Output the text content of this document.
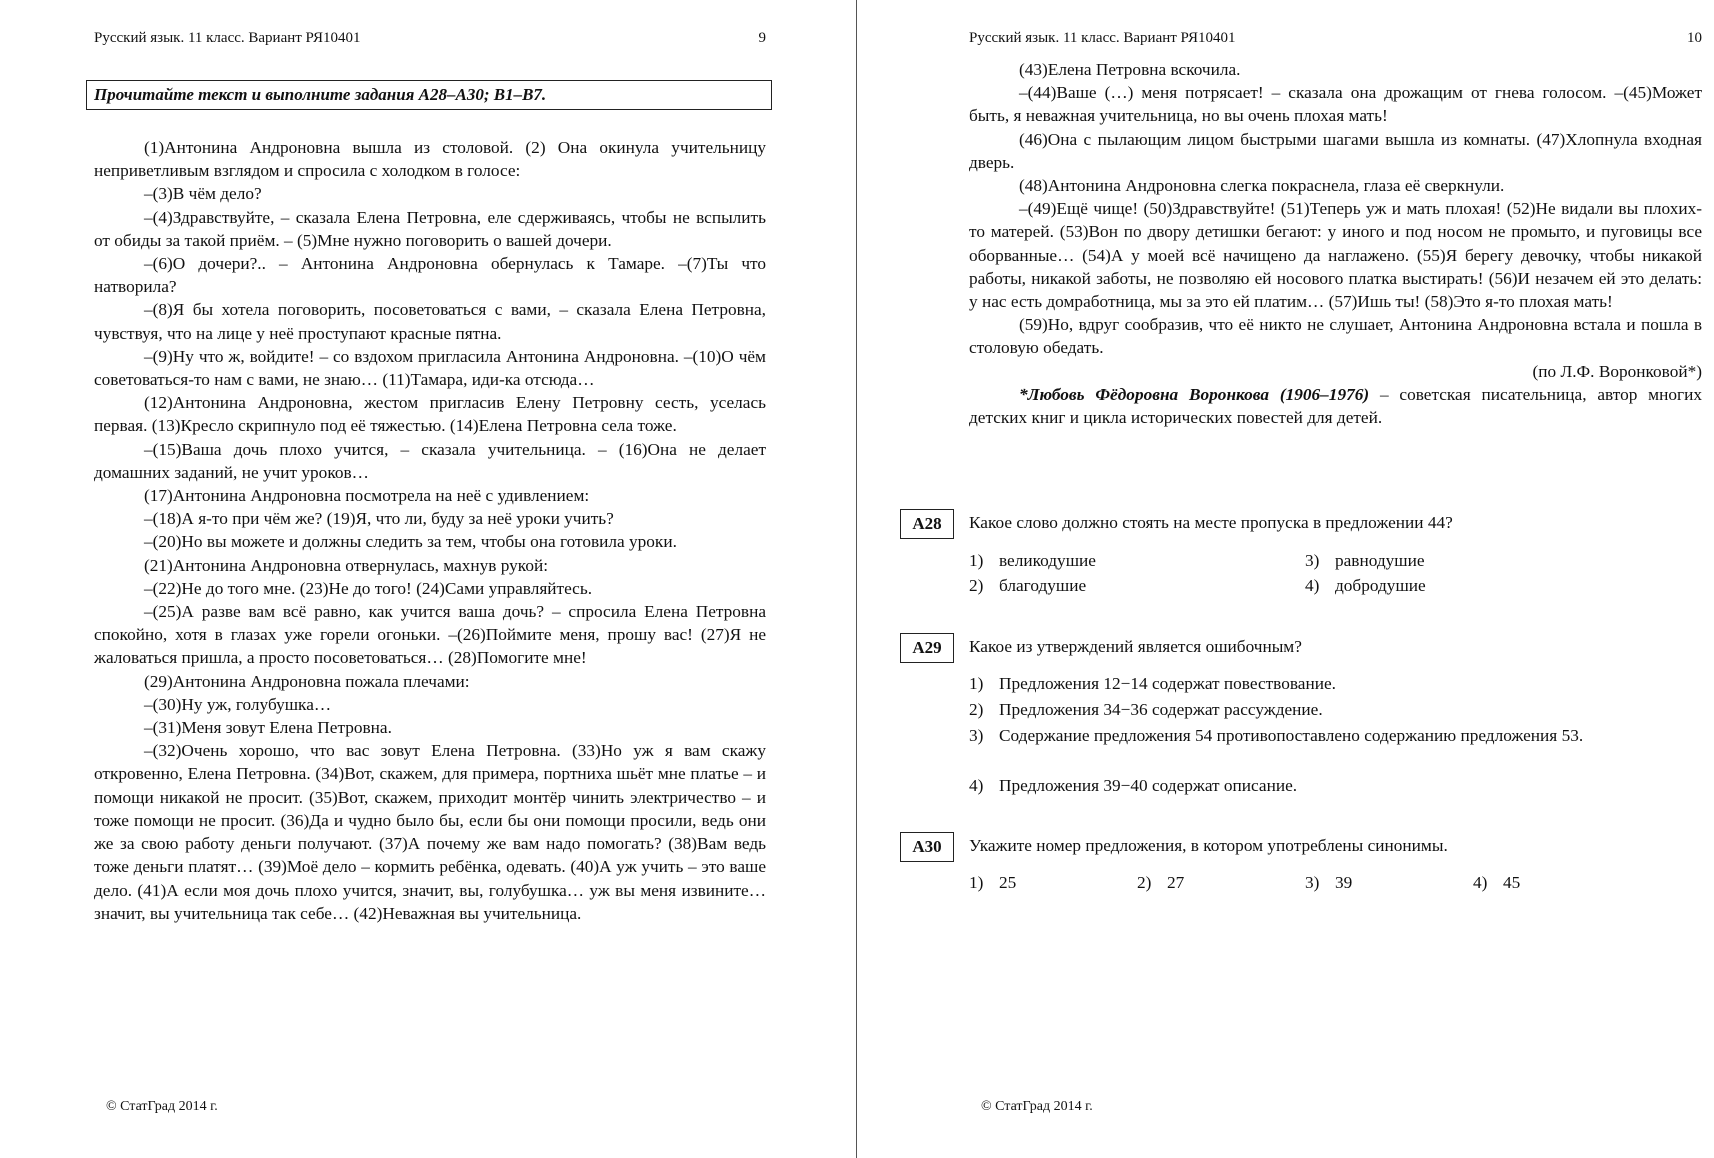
Русский язык. 11 класс. Вариант РЯ10401	9
Прочитайте текст и выполните задания А28–А30; В1–В7.

(1)Антонина Андроновна вышла из столовой. (2) Она окинула учительницу неприветливым взглядом и спросила с холодком в голосе:

–(3)В чём дело?

–(4)Здравствуйте, – сказала Елена Петровна, еле сдерживаясь, чтобы не вспылить от обиды за такой приём. – (5)Мне нужно поговорить о вашей дочери.

–(6)О дочери?.. – Антонина Андроновна обернулась к Тамаре. –(7)Ты что натворила?

–(8)Я бы хотела поговорить, посоветоваться с вами, – сказала Елена Петровна, чувствуя, что на лице у неё проступают красные пятна.

–(9)Ну что ж, войдите! – со вздохом пригласила Антонина Андроновна. –(10)О чём советоваться-то нам с вами, не знаю… (11)Тамара, иди-ка отсюда…

(12)Антонина Андроновна, жестом пригласив Елену Петровну сесть, уселась первая. (13)Кресло скрипнуло под её тяжестью. (14)Елена Петровна села тоже.

–(15)Ваша дочь плохо учится, – сказала учительница. – (16)Она не делает домашних заданий, не учит уроков…

(17)Антонина Андроновна посмотрела на неё с удивлением:

–(18)А я-то при чём же? (19)Я, что ли, буду за неё уроки учить?

–(20)Но вы можете и должны следить за тем, чтобы она готовила уроки.

(21)Антонина Андроновна отвернулась, махнув рукой:

–(22)Не до того мне. (23)Не до того! (24)Сами управляйтесь.

–(25)А разве вам всё равно, как учится ваша дочь? – спросила Елена Петровна спокойно, хотя в глазах уже горели огоньки. –(26)Поймите меня, прошу вас! (27)Я не жаловаться пришла, а просто посоветоваться… (28)Помогите мне!

(29)Антонина Андроновна пожала плечами:

–(30)Ну уж, голубушка…

–(31)Меня зовут Елена Петровна.

–(32)Очень хорошо, что вас зовут Елена Петровна. (33)Но уж я вам скажу откровенно, Елена Петровна. (34)Вот, скажем, для примера, портниха шьёт мне платье – и помощи никакой не просит. (35)Вот, скажем, приходит монтёр чинить электричество – и тоже помощи не просит. (36)Да и чудно было бы, если бы они помощи просили, ведь они же за свою работу деньги получают. (37)А почему же вам надо помогать? (38)Вам ведь тоже деньги платят… (39)Моё дело – кормить ребёнка, одевать. (40)А уж учить – это ваше дело. (41)А если моя дочь плохо учится, значит, вы, голубушка… уж вы меня извините… значит, вы учительница так себе… (42)Неважная вы учительница.

© СтатГрад 2014 г.
Русский язык. 11 класс. Вариант РЯ10401	10

(43)Елена Петровна вскочила.

–(44)Ваше (…) меня потрясает! – сказала она дрожащим от гнева голосом. –(45)Может быть, я неважная учительница, но вы очень плохая мать!

(46)Она с пылающим лицом быстрыми шагами вышла из комнаты. (47)Хлопнула входная дверь.

(48)Антонина Андроновна слегка покраснела, глаза её сверкнули.

–(49)Ещё чище! (50)Здравствуйте! (51)Теперь уж и мать плохая! (52)Не видали вы плохих-то матерей. (53)Вон по двору детишки бегают: у иного и под носом не промыто, и пуговицы все оборванные… (54)А у моей всё начищено да наглажено. (55)Я берегу девочку, чтобы никакой работы, никакой заботы, не позволяю ей носового платка выстирать! (56)И незачем ей это делать: у нас есть домработница, мы за это ей платим… (57)Ишь ты! (58)Это я-то плохая мать!

(59)Но, вдруг сообразив, что её никто не слушает, Антонина Андроновна встала и пошла в столовую обедать.

(по Л.Ф. Воронковой*)

*Любовь Фёдоровна Воронкова (1906–1976) – советская писательница, автор многих детских книг и цикла исторических повестей для детей.

А28	Какое слово должно стоять на месте пропуска в предложении 44?
1) великодушие
2) благодушие
3) равнодушие
4) добродушие
А29	Какое из утверждений является ошибочным?
1) Предложения 12−14 содержат повествование.
2) Предложения 34−36 содержат рассуждение.
3) Содержание предложения 54 противопоставлено содержанию предложения 53.
4) Предложения 39−40 содержат описание.
А30	Укажите номер предложения, в котором употреблены синонимы.
1) 25	2) 27	3) 39	4) 45
© СтатГрад 2014 г.
